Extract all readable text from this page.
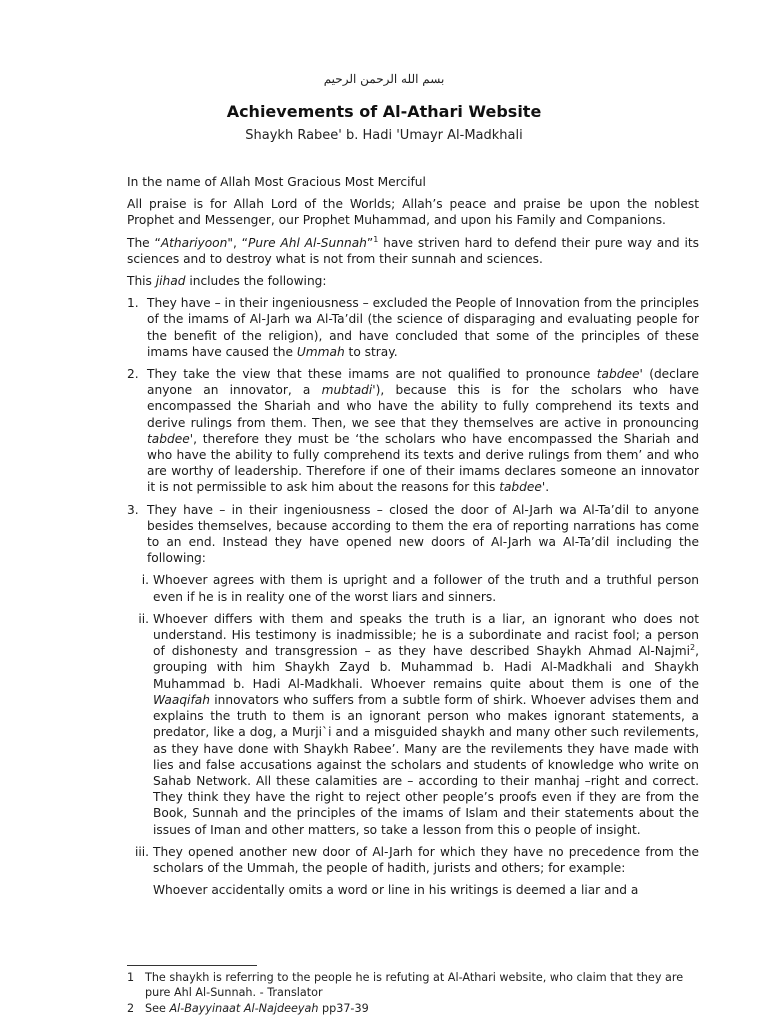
بسم الله الرحمن الرحيم
Achievements of Al-Athari Website
Shaykh Rabee' b. Hadi 'Umayr Al-Madkhali

In the name of Allah Most Gracious Most Merciful

All praise is for Allah Lord of the Worlds; Allah’s peace and praise be upon the noblest Prophet and Messenger, our Prophet Muhammad, and upon his Family and Companions.

The “Athariyoon", “Pure Ahl Al-Sunnah”$^1$ have striven hard to defend their pure way and its sciences and to destroy what is not from their sunnah and sciences.

This jihad includes the following:

1. They have – in their ingeniousness – excluded the People of Innovation from the principles of the imams of Al-Jarh wa Al-Ta’dil (the science of disparaging and evaluating people for the benefit of the religion), and have concluded that some of the principles of these imams have caused the Ummah to stray.
2. They take the view that these imams are not qualified to pronounce tabdee' (declare anyone an innovator, a mubtadi'), because this is for the scholars who have encompassed the Shariah and who have the ability to fully comprehend its texts and derive rulings from them. Then, we see that they themselves are active in pronouncing tabdee', therefore they must be ‘the scholars who have encompassed the Shariah and who have the ability to fully comprehend its texts and derive rulings from them’ and who are worthy of leadership. Therefore if one of their imams declares someone an innovator it is not permissible to ask him about the reasons for this tabdee'.
3. They have – in their ingeniousness – closed the door of Al-Jarh wa Al-Ta’dil to anyone besides themselves, because according to them the era of reporting narrations has come to an end. Instead they have opened new doors of Al-Jarh wa Al-Ta’dil including the following:
i. Whoever agrees with them is upright and a follower of the truth and a truthful person even if he is in reality one of the worst liars and sinners.
ii. Whoever differs with them and speaks the truth is a liar, an ignorant who does not understand. His testimony is inadmissible; he is a subordinate and racist fool; a person of dishonesty and transgression – as they have described Shaykh Ahmad Al-Najmi$^2$, grouping with him Shaykh Zayd b. Muhammad b. Hadi Al-Madkhali and Shaykh Muhammad b. Hadi Al-Madkhali. Whoever remains quite about them is one of the Waaqifah innovators who suffers from a subtle form of shirk. Whoever advises them and explains the truth to them is an ignorant person who makes ignorant statements, a predator, like a dog, a Murji`i and a misguided shaykh and many other such revilements, as they have done with Shaykh Rabee’. Many are the revilements they have made with lies and false accusations against the scholars and students of knowledge who write on Sahab Network. All these calamities are – according to their manhaj –right and correct. They think they have the right to reject other people’s proofs even if they are from the Book, Sunnah and the principles of the imams of Islam and their statements about the issues of Iman and other matters, so take a lesson from this o people of insight.
iii. They opened another new door of Al-Jarh for which they have no precedence from the scholars of the Ummah, the people of hadith, jurists and others; for example:

Whoever accidentally omits a word or line in his writings is deemed a liar and a

1 The shaykh is referring to the people he is refuting at Al-Athari website, who claim that they are pure Ahl Al-Sunnah. - Translator
2 See Al-Bayyinaat Al-Najdeeyah pp37-39
